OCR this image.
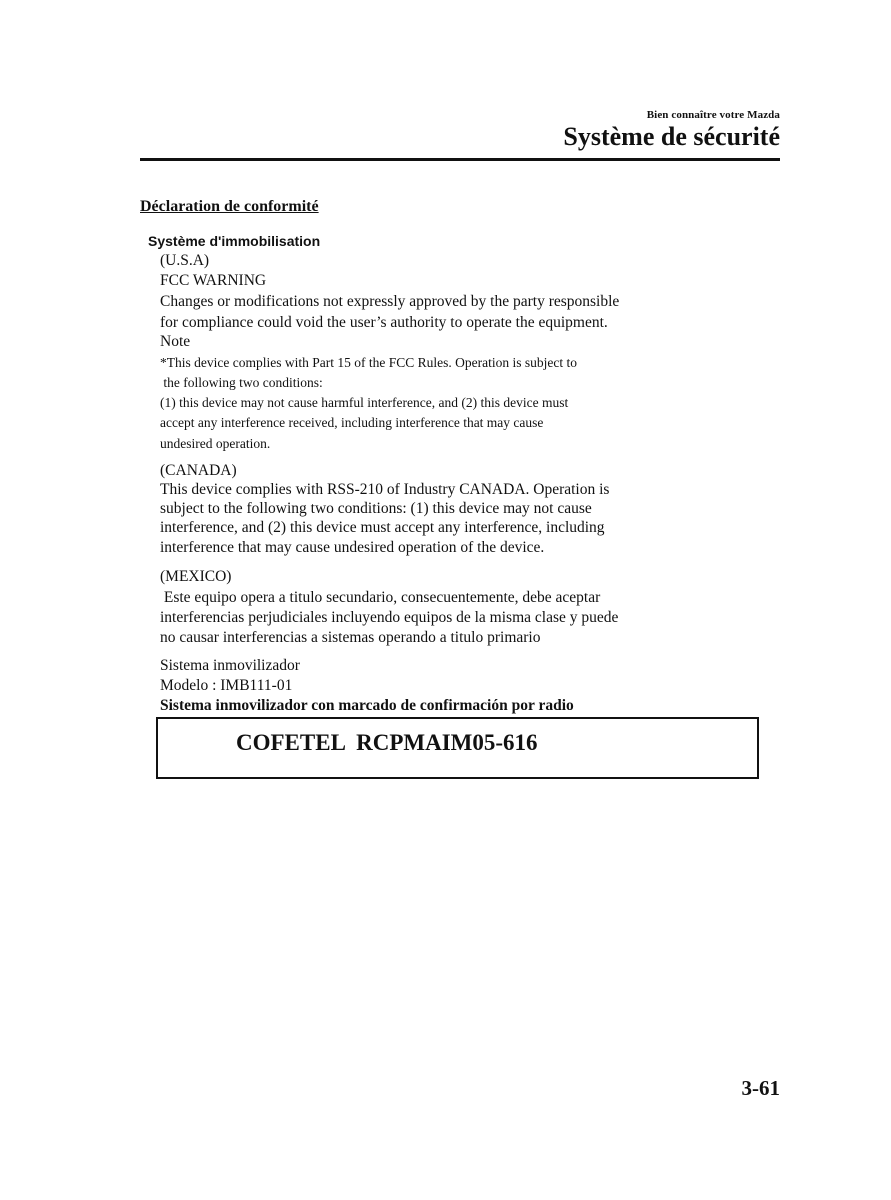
Bien connaître votre Mazda
Système de sécurité
Déclaration de conformité
Système d'immobilisation
(U.S.A)
FCC WARNING
Changes or modifications not expressly approved by the party responsible
for compliance could void the user’s authority to operate the equipment.
Note
*This device complies with Part 15 of the FCC Rules. Operation is subject to
the following two conditions:
(1) this device may not cause harmful interference, and (2) this device must
accept any interference received, including interference that may cause
undesired operation.
(CANADA)
This device complies with RSS-210 of Industry CANADA. Operation is
subject to the following two conditions: (1) this device may not cause
interference, and (2) this device must accept any interference, including
interference that may cause undesired operation of the device.
(MEXICO)
Este equipo opera a titulo secundario, consecuentemente, debe aceptar
interferencias perjudiciales incluyendo equipos de la misma clase y puede
no causar interferencias a sistemas operando a titulo primario
Sistema inmovilizador
Modelo : IMB111-01
Sistema inmovilizador con marcado de confirmación por radio
COFETEL  RCPMAIM05-616
3-61
